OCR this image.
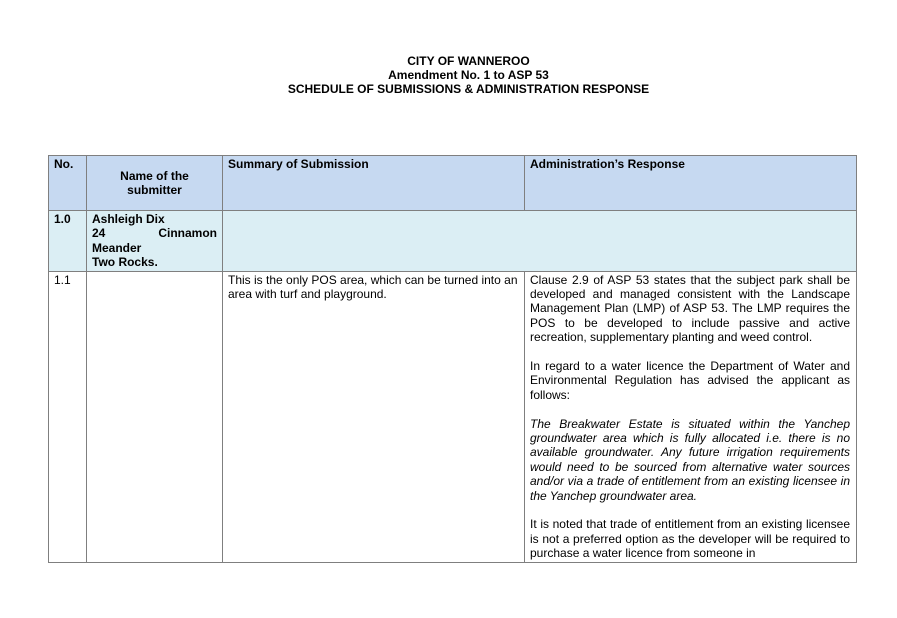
CITY OF WANNEROO
Amendment No. 1 to ASP 53
SCHEDULE OF SUBMISSIONS & ADMINISTRATION RESPONSE
No.	Name of the submitter	Summary of Submission	Administration’s Response
1.0	Ashleigh Dix
24 Cinnamon
Meander
Two Rocks.		

1.1		This is the only POS area, which can be turned into an area with turf and playground.	Clause 2.9 of ASP 53 states that the subject park shall be developed and managed consistent with the Landscape Management Plan (LMP) of ASP 53. The LMP requires the POS to be developed to include passive and active recreation, supplementary planting and weed control.

In regard to a water licence the Department of Water and Environmental Regulation has advised the applicant as follows:

The Breakwater Estate is situated within the Yanchep groundwater area which is fully allocated i.e. there is no available groundwater. Any future irrigation requirements would need to be sourced from alternative water sources and/or via a trade of entitlement from an existing licensee in the Yanchep groundwater area.

It is noted that trade of entitlement from an existing licensee is not a preferred option as the developer will be required to purchase a water licence from someone in
